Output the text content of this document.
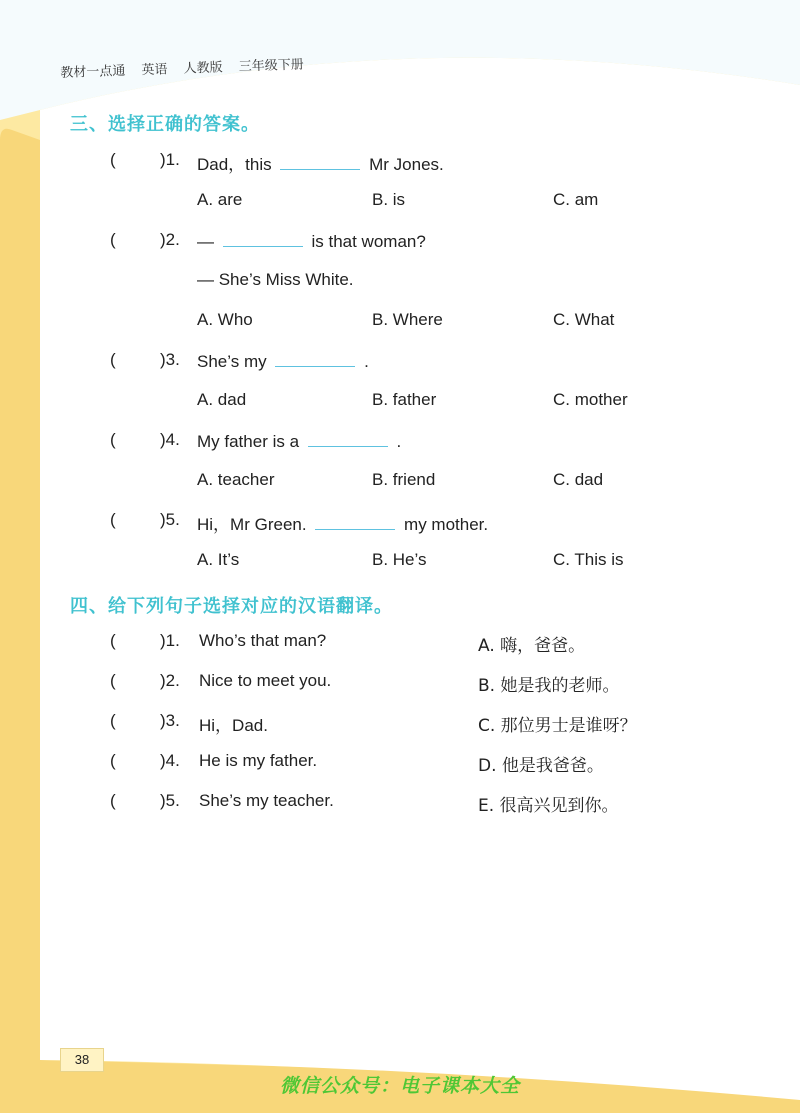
教材一点通 英语 人教版 三年级下册
三、选择正确的答案。
(	)1. Dad，this	Mr Jones.
A. are	B. is	C. am
(	)2. —	is that woman?
— She’s Miss White.
A. Who	B. Where	C. What
(	)3. She’s my	.
A. dad	B. father	C. mother
(	)4. My father is a	.
A. teacher	B. friend	C. dad
(	)5. Hi，Mr Green.	my mother.
A. It’s	B. He’s	C. This is
四、给下列句子选择对应的汉语翻译。
(	)1. Who’s that man?	A. 嗨，爸爸。
(	)2. Nice to meet you.	B. 她是我的老师。
(	)3. Hi，Dad.	C. 那位男士是谁呀？
(	)4. He is my father.	D. 他是我爸爸。
(	)5. She’s my teacher.	E. 很高兴见到你。
38
微信公众号：电子课本大全
